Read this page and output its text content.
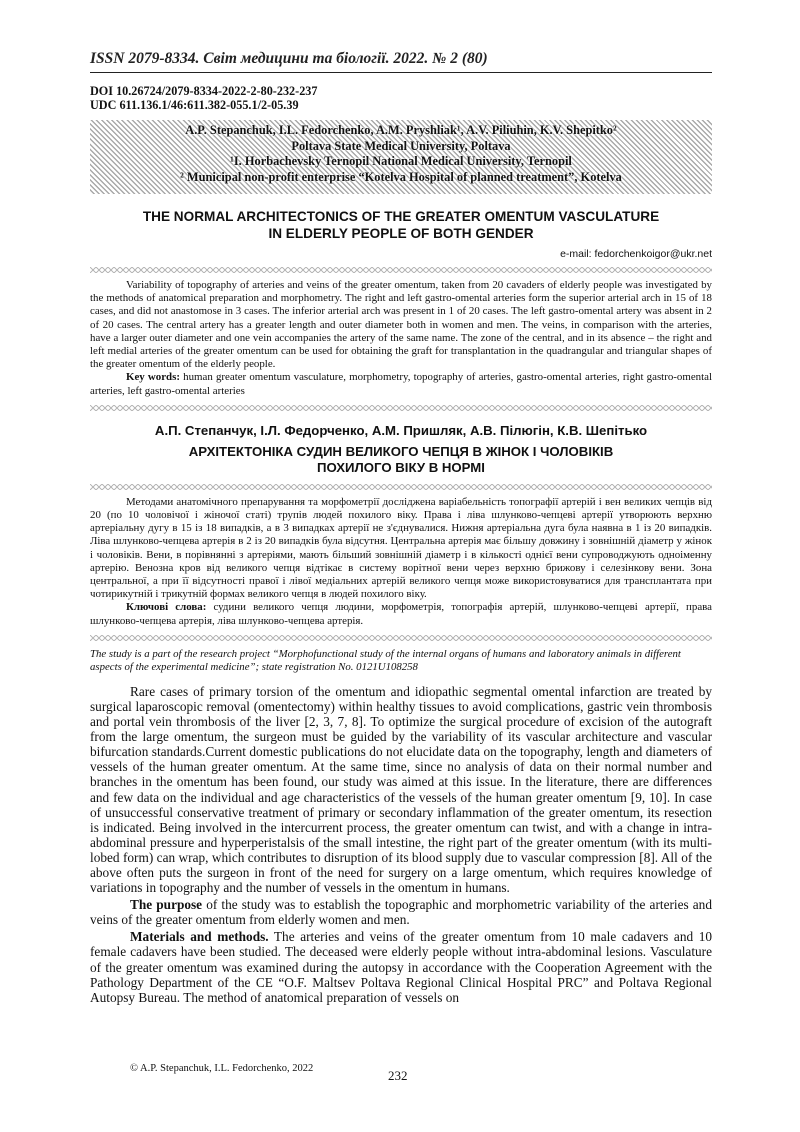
ISSN 2079-8334. Світ медицини та біології. 2022. № 2 (80)
DOI 10.26724/2079-8334-2022-2-80-232-237
UDC 611.136.1/46:611.382-055.1/2-05.39
A.P. Stepanchuk, I.L. Fedorchenko, A.M. Pryshliak¹, A.V. Piliuhin, K.V. Shepitko²
Poltava State Medical University, Poltava
¹I. Horbachevsky Ternopil National Medical University, Ternopil
² Municipal non-profit enterprise “Kotelva Hospital of planned treatment”, Kotelva
THE NORMAL ARCHITECTONICS OF THE GREATER OMENTUM VASCULATURE
IN ELDERLY PEOPLE OF BOTH GENDER
e-mail: fedorchenkoigor@ukr.net

Variability of topography of arteries and veins of the greater omentum, taken from 20 cavaders of elderly people was investigated by the methods of anatomical preparation and morphometry. The right and left gastro-omental arteries form the superior arterial arch in 15 of 18 cases, and did not anastomose in 3 cases. The inferior arterial arch was present in 1 of 20 cases. The left gastro-omental artery was absent in 2 of 20 cases. The central artery has a greater length and outer diameter both in women and men. The veins, in comparison with the arteries, have a larger outer diameter and one vein accompanies the artery of the same name. The zone of the central, and in its absence – the right and left medial arteries of the greater omentum can be used for obtaining the graft for transplantation in the quadrangular and triangular shapes of the greater omentum of the elderly people.

Key words: human greater omentum vasculature, morphometry, topography of arteries, gastro-omental arteries, right gastro-omental arteries, left gastro-omental arteries

А.П. Степанчук, І.Л. Федорченко, А.М. Пришляк, А.В. Пілюгін, К.В. Шепітько
АРХІТЕКТОНІКА СУДИН ВЕЛИКОГО ЧЕПЦЯ В ЖІНОК І ЧОЛОВІКІВ
ПОХИЛОГО ВІКУ В НОРМІ

Методами анатомічного препарування та морфометрії досліджена варіабельність топографії артерій і вен великих чепців від 20 (по 10 чоловічої і жіночої статі) трупів людей похилого віку. Права і ліва шлунково-чепцеві артерії утворюють верхню артеріальну дугу в 15 із 18 випадків, а в 3 випадках артерії не з'єднувалися. Нижня артеріальна дуга була наявна в 1 із 20 випадків. Ліва шлунково-чепцева артерія в 2 із 20 випадків була відсутня. Центральна артерія має більшу довжину і зовнішній діаметр у жінок і чоловіків. Вени, в порівнянні з артеріями, мають більший зовнішній діаметр і в кількості однієї вени супроводжують одноіменну артерію. Венозна кров від великого чепця відтікає в систему ворітної вени через верхню брижову і селезінкову вени. Зона центральної, а при її відсутності правої і лівої медіальних артерій великого чепця може використовуватися для трансплантата при чотирикутній і трикутній формах великого чепця в людей похилого віку.

Ключові слова: судини великого чепця людини, морфометрія, топографія артерій, шлунково-чепцеві артерії, права шлунково-чепцева артерія, ліва шлунково-чепцева артерія.

The study is a part of the research project “Morphofunctional study of the internal organs of humans and laboratory animals in different aspects of the experimental medicine”; state registration No. 0121U108258

Rare cases of primary torsion of the omentum and idiopathic segmental omental infarction are treated by surgical laparoscopic removal (omentectomy) within healthy tissues to avoid complications, gastric vein thrombosis and portal vein thrombosis of the liver [2, 3, 7, 8]. To optimize the surgical procedure of excision of the autograft from the large omentum, the surgeon must be guided by the variability of its vascular architecture and vascular bifurcation standards.Current domestic publications do not elucidate data on the topography, length and diameters of vessels of the human greater omentum. At the same time, since no analysis of data on their normal number and branches in the omentum has been found, our study was aimed at this issue. In the literature, there are differences and few data on the individual and age characteristics of the vessels of the human greater omentum [9, 10]. In case of unsuccessful conservative treatment of primary or secondary inflammation of the greater omentum, its resection is indicated. Being involved in the intercurrent process, the greater omentum can twist, and with a change in intra-abdominal pressure and hyperperistalsis of the small intestine, the right part of the greater omentum (with its multi-lobed form) can wrap, which contributes to disruption of its blood supply due to vascular compression [8]. All of the above often puts the surgeon in front of the need for surgery on a large omentum, which requires knowledge of variations in topography and the number of vessels in the omentum in humans.

The purpose of the study was to establish the topographic and morphometric variability of the arteries and veins of the greater omentum from elderly women and men.

Materials and methods. The arteries and veins of the greater omentum from 10 male cadavers and 10 female cadavers have been studied. The deceased were elderly people without intra-abdominal lesions. Vasculature of the greater omentum was examined during the autopsy in accordance with the Cooperation Agreement with the Pathology Department of the CE “O.F. Maltsev Poltava Regional Clinical Hospital PRC” and Poltava Regional Autopsy Bureau. The method of anatomical preparation of vessels on

© A.P. Stepanchuk, I.L. Fedorchenko, 2022	232
